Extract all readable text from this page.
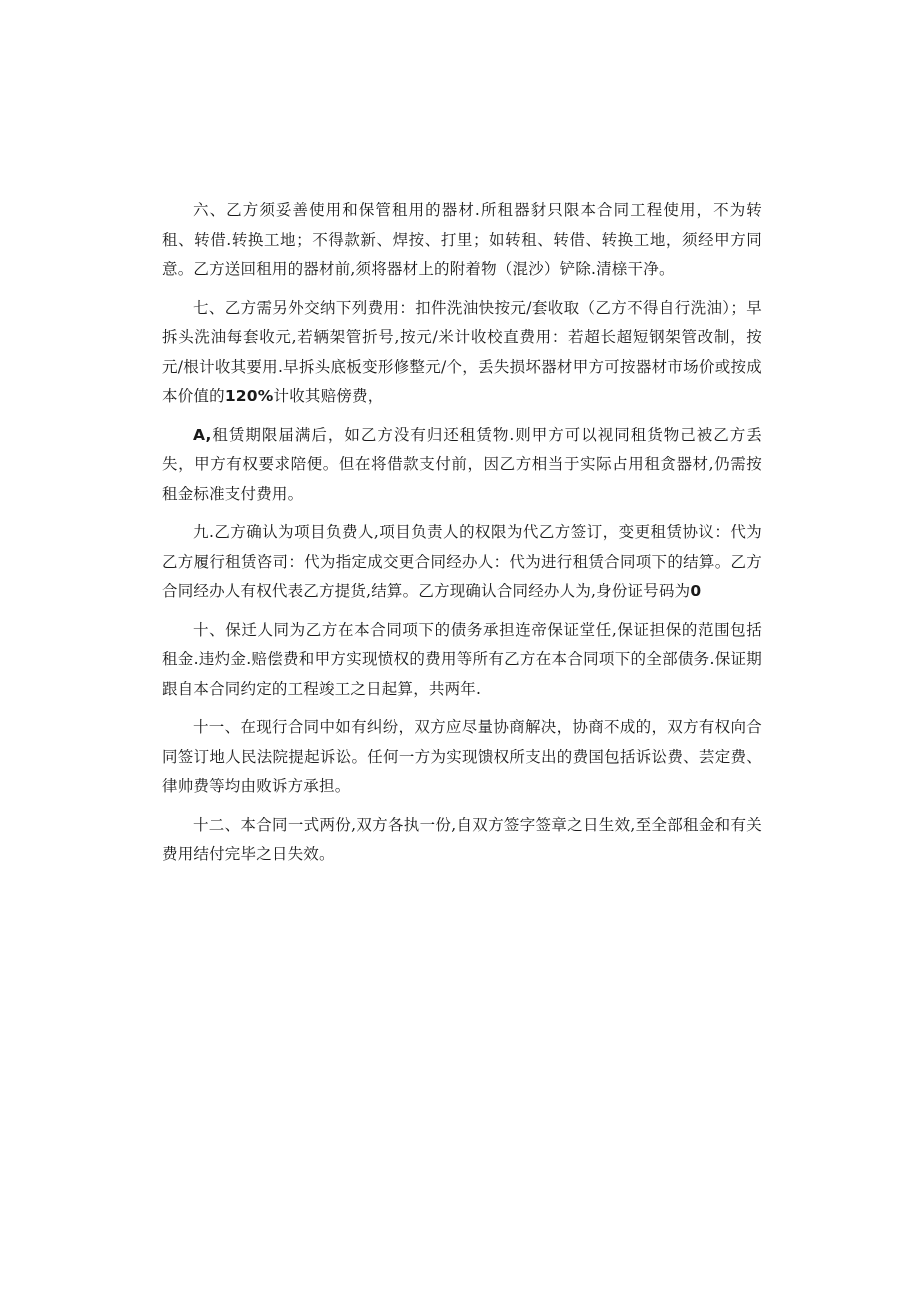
六、乙方须妥善使用和保管租用的器材.所租器豺只限本合同工程使用，不为转租、转借.转换工地；不得款新、焊按、打里；如转租、转借、转换工地，须经甲方同意。乙方送回租用的器材前,须将器材上的附着物（混沙）铲除.清榇干净。

七、乙方需另外交纳下列费用：扣件洗油快按元/套收取（乙方不得自行洗油）；早拆头洗油每套收元,若辆架管折号,按元/米计收校直费用：若超长超短钢架管改制，按元/根计收其要用.早拆头底板变形修整元/个，丢失损坏器材甲方可按器材市场价或按成本价值的120%计收其赔傍费，

A,租赁期限届满后，如乙方没有归还租赁物.则甲方可以视同租货物己被乙方丢失，甲方有权要求陪便。但在将借款支付前，因乙方相当于实际占用租贪器材,仍需按租金标准支付费用。

九.乙方确认为项目负费人,项目负责人的权限为代乙方签订，变更租赁协议：代为乙方履行租赁咨司：代为指定成交更合同经办人：代为进行租赁合同项下的结算。乙方合同经办人有权代表乙方提货,结算。乙方现确认合同经办人为,身份证号码为0

十、保迁人同为乙方在本合同项下的债务承担连帝保证堂任,保证担保的范围包括租金.违灼金.赔偿费和甲方实现愤权的费用等所有乙方在本合同项下的全部债务.保证期跟自本合同约定的工程竣工之日起算，共两年.

十一、在现行合同中如有纠纷，双方应尽量协商解决，协商不成的，双方有权向合同签订地人民法院提起诉讼。任何一方为实现馈权所支出的费国包括诉讼费、芸定费、律帅费等均由败诉方承担。

十二、本合同一式两份,双方各执一份,自双方签字签章之日生效,至全部租金和有关费用结付完毕之日失效。
